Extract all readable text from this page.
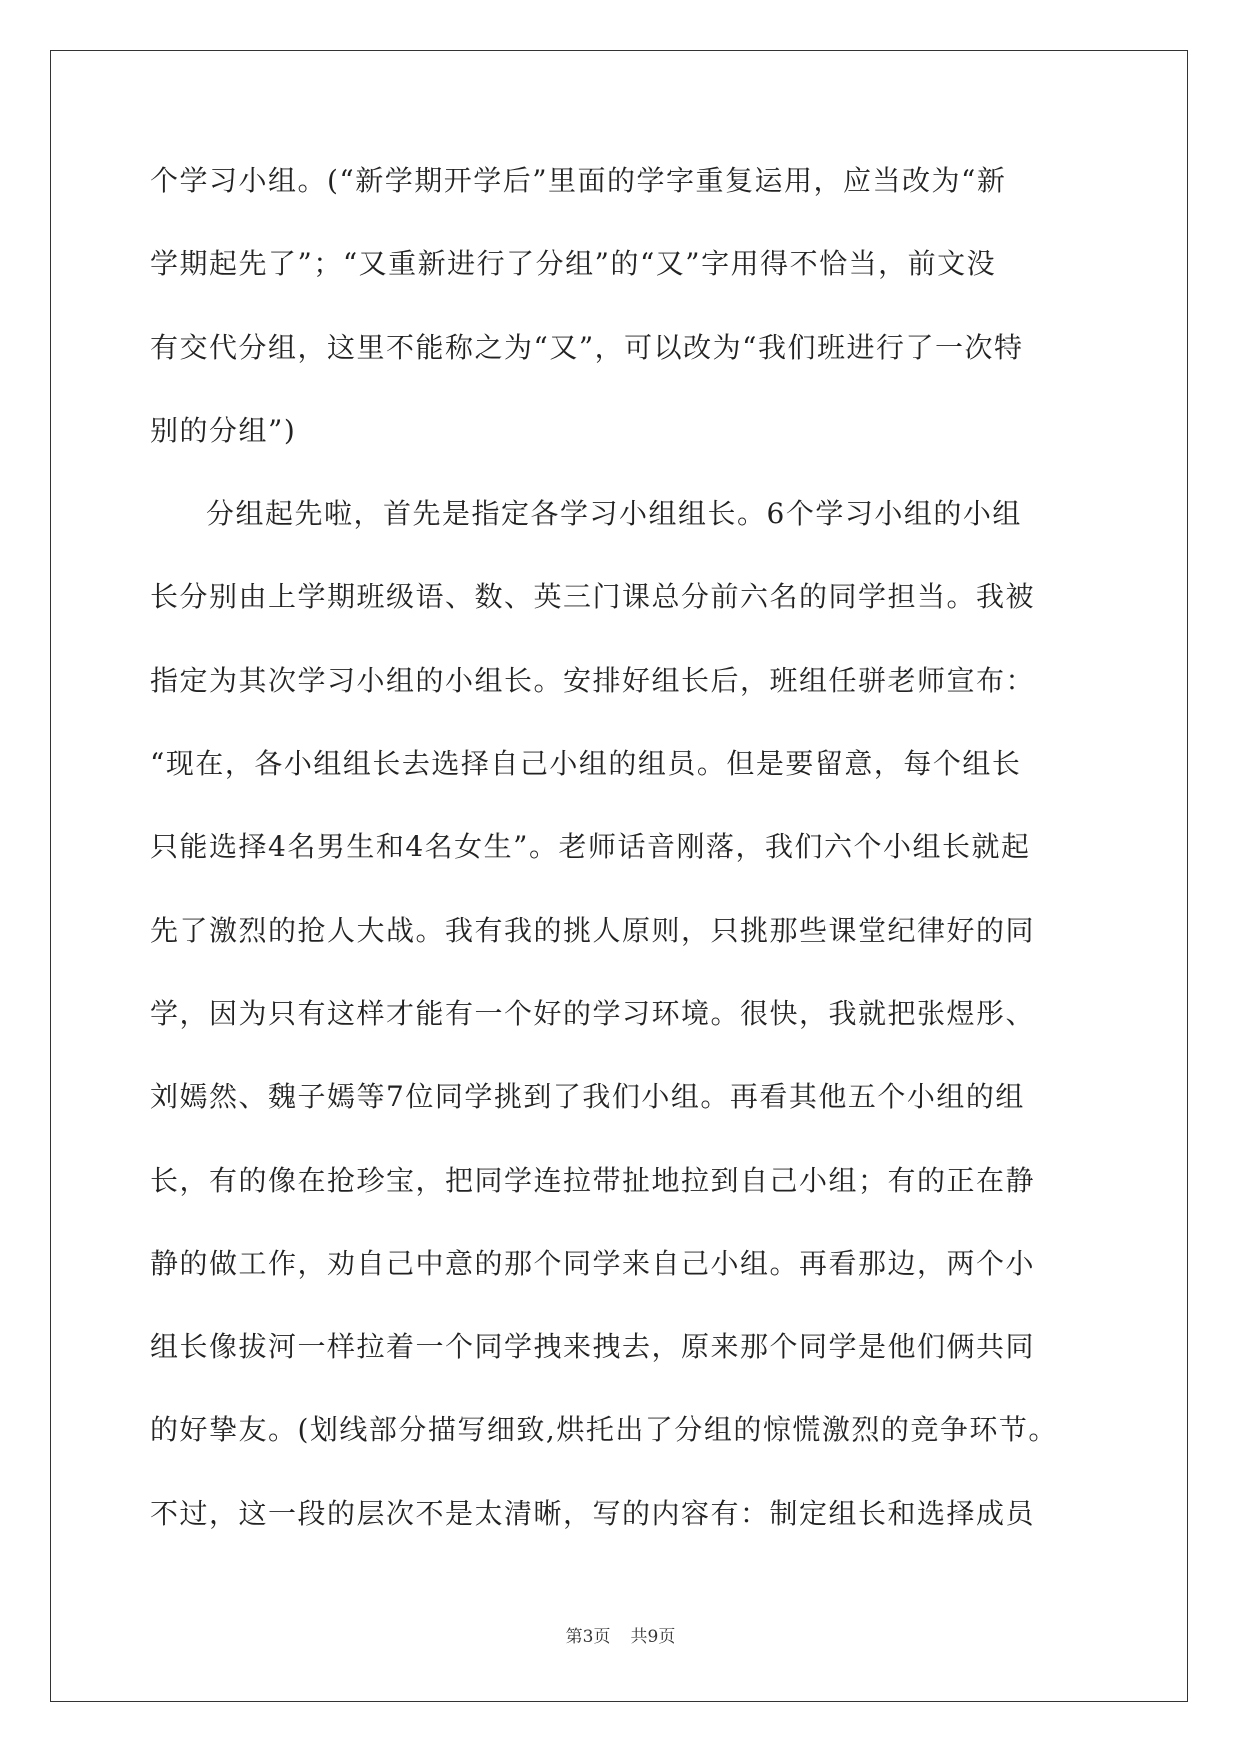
个学习小组。(“新学期开学后”里面的学字重复运用，应当改为“新
学期起先了”；“又重新进行了分组”的“又”字用得不恰当，前文没
有交代分组，这里不能称之为“又”，可以改为“我们班进行了一次特
别的分组”)
分组起先啦，首先是指定各学习小组组长。6个学习小组的小组
长分别由上学期班级语、数、英三门课总分前六名的同学担当。我被
指定为其次学习小组的小组长。安排好组长后，班组任骈老师宣布：
“现在，各小组组长去选择自己小组的组员。但是要留意，每个组长
只能选择4名男生和4名女生”。老师话音刚落，我们六个小组长就起
先了激烈的抢人大战。我有我的挑人原则，只挑那些课堂纪律好的同
学，因为只有这样才能有一个好的学习环境。很快，我就把张煜彤、
刘嫣然、魏子嫣等7位同学挑到了我们小组。再看其他五个小组的组
长，有的像在抢珍宝，把同学连拉带扯地拉到自己小组；有的正在静
静的做工作，劝自己中意的那个同学来自己小组。再看那边，两个小
组长像拔河一样拉着一个同学拽来拽去，原来那个同学是他们俩共同
的好挚友。(划线部分描写细致,烘托出了分组的惊慌激烈的竞争环节。
不过，这一段的层次不是太清晰，写的内容有：制定组长和选择成员
第3页 共9页
